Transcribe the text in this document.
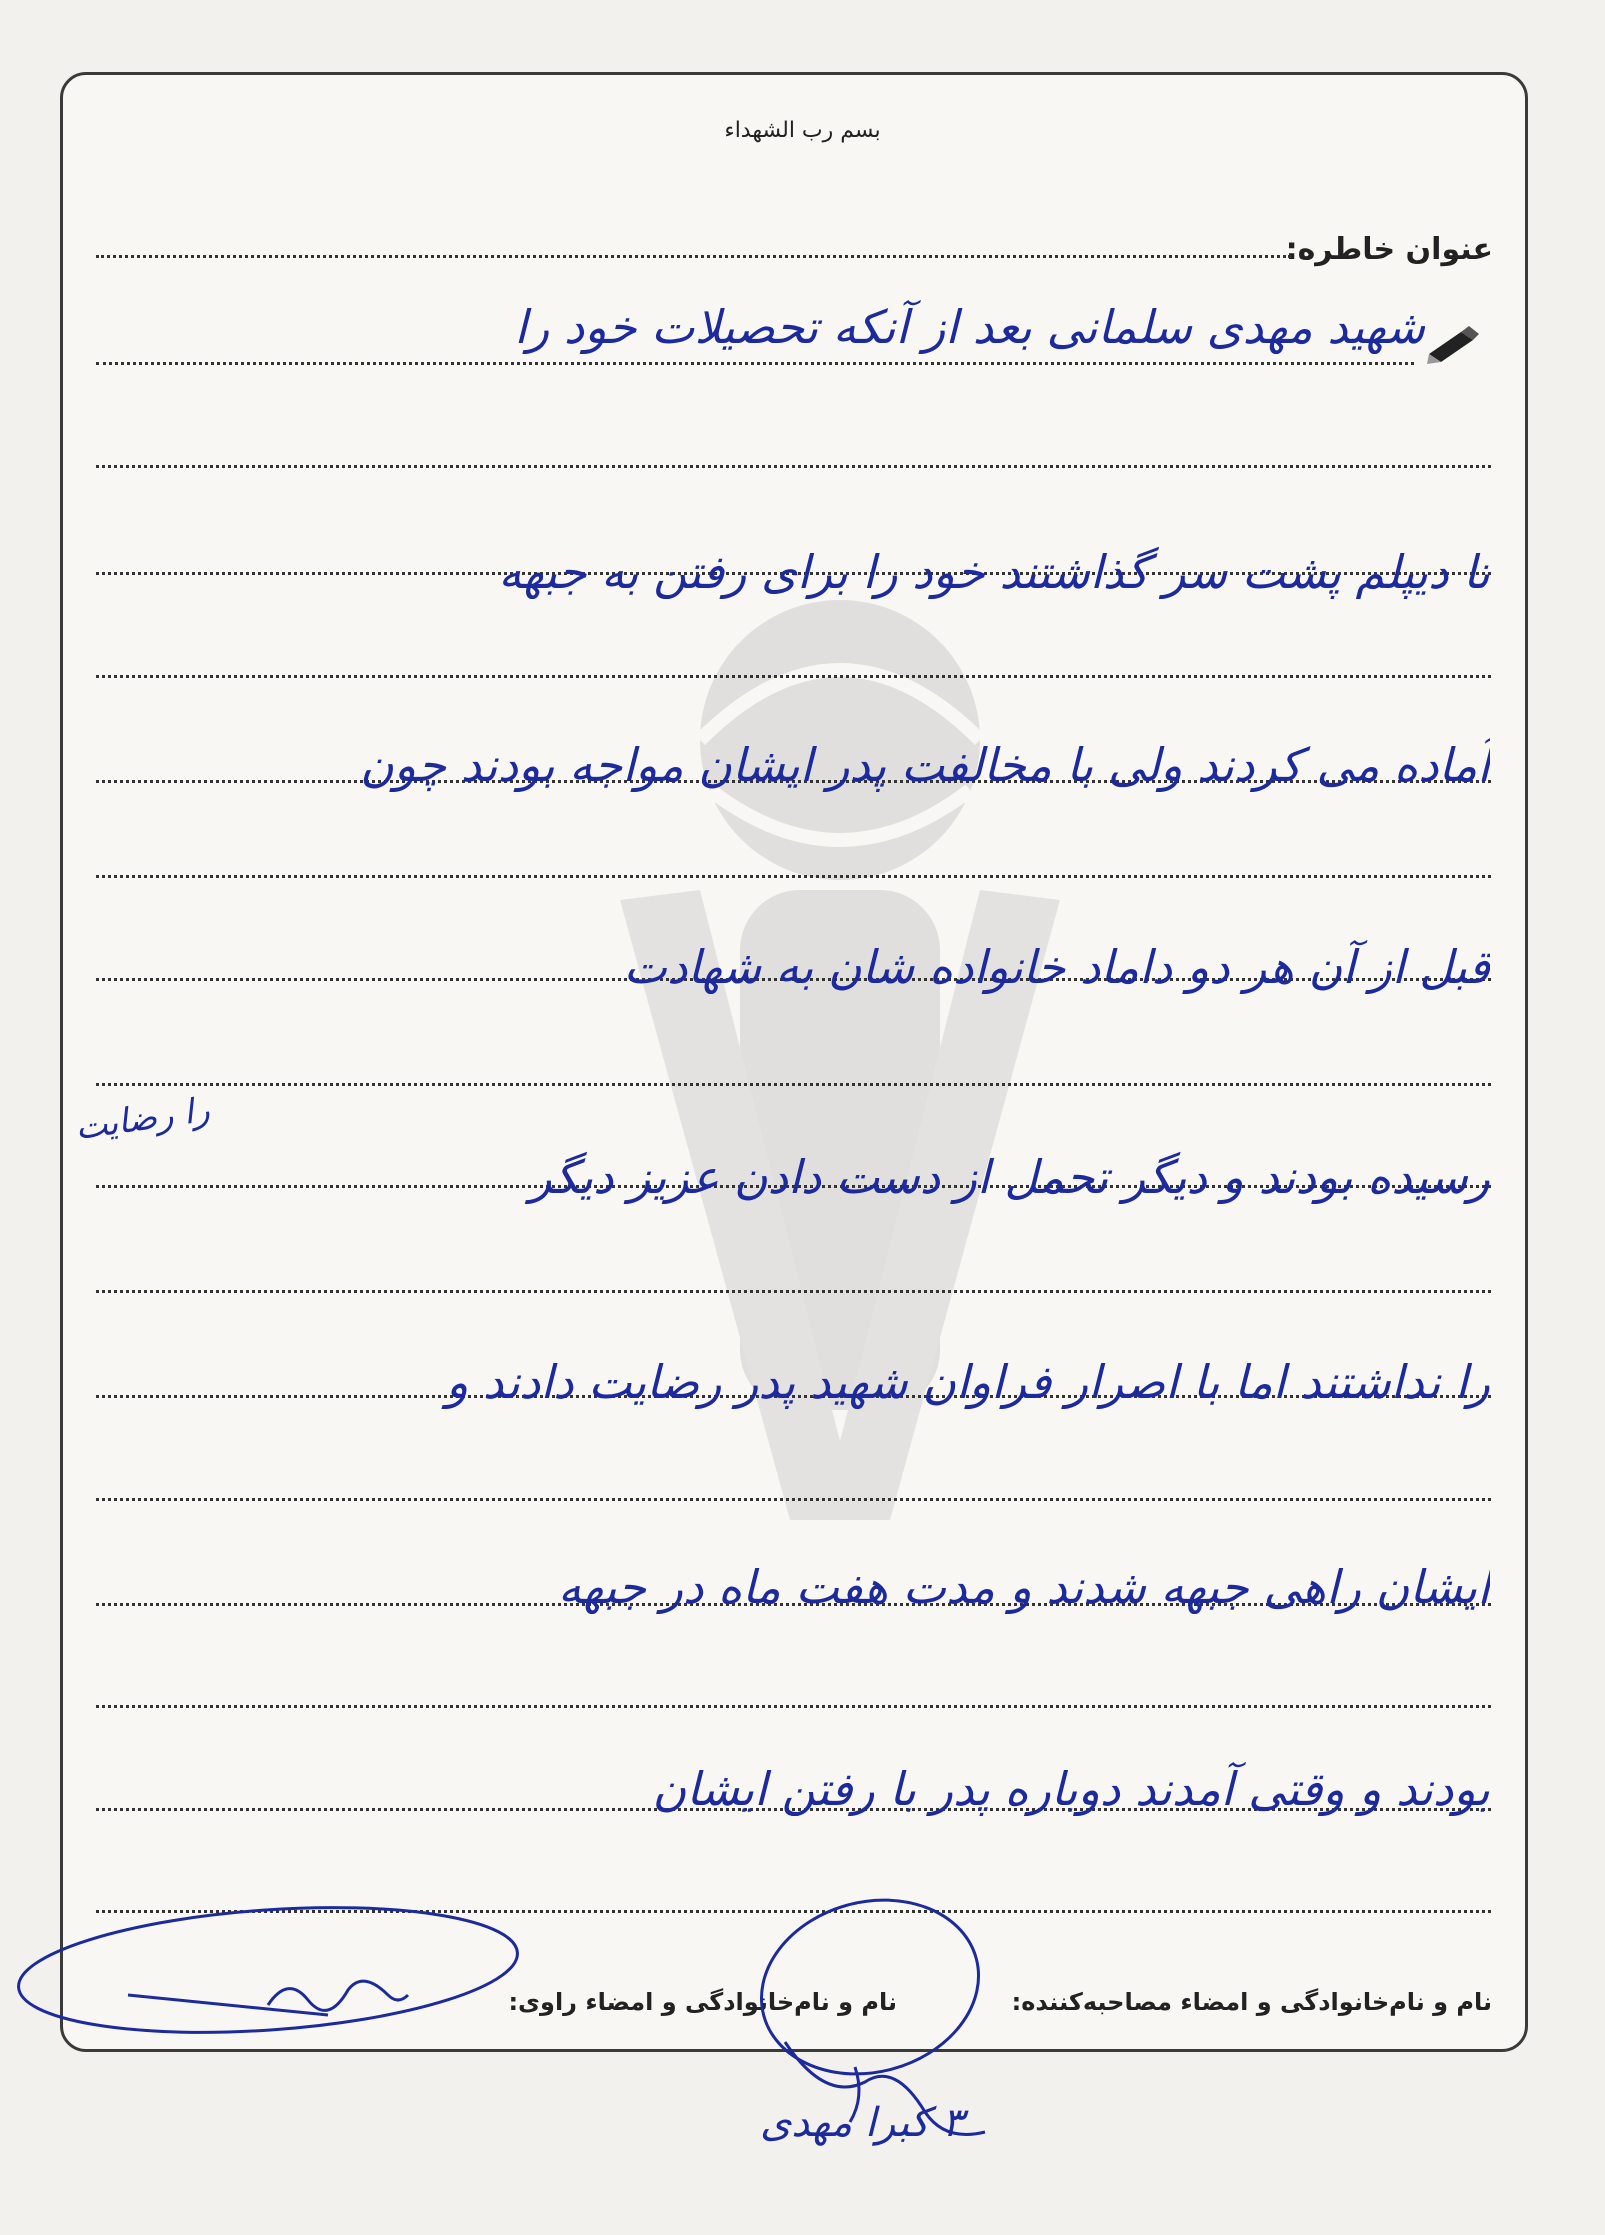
بسم رب الشهداء
عنوان خاطره:
شهید مهدی سلمانی بعد از آنکه تحصیلات خود را
تا دیپلم پشت سر گذاشتند خود را برای رفتن به جبهه
آماده می کردند ولی با مخالفت پدر ایشان مواجه بودند چون
قبل از آن هر دو داماد خانواده شان به شهادت
رسیده بودند و دیگر تحمل از دست دادن عزیز دیگر
را نداشتند اما با اصرار فراوان شهید پدر رضایت دادند و
ایشان راهی جبهه شدند و مدت هفت ماه در جبهه
بودند و وقتی آمدند دوباره پدر با رفتن ایشان
را رضایت
نام و نام‌خانوادگی و امضاء مصاحبه‌کننده:
نام و نام‌خانوادگی و امضاء راوی:
۳ کبرا مهدی
